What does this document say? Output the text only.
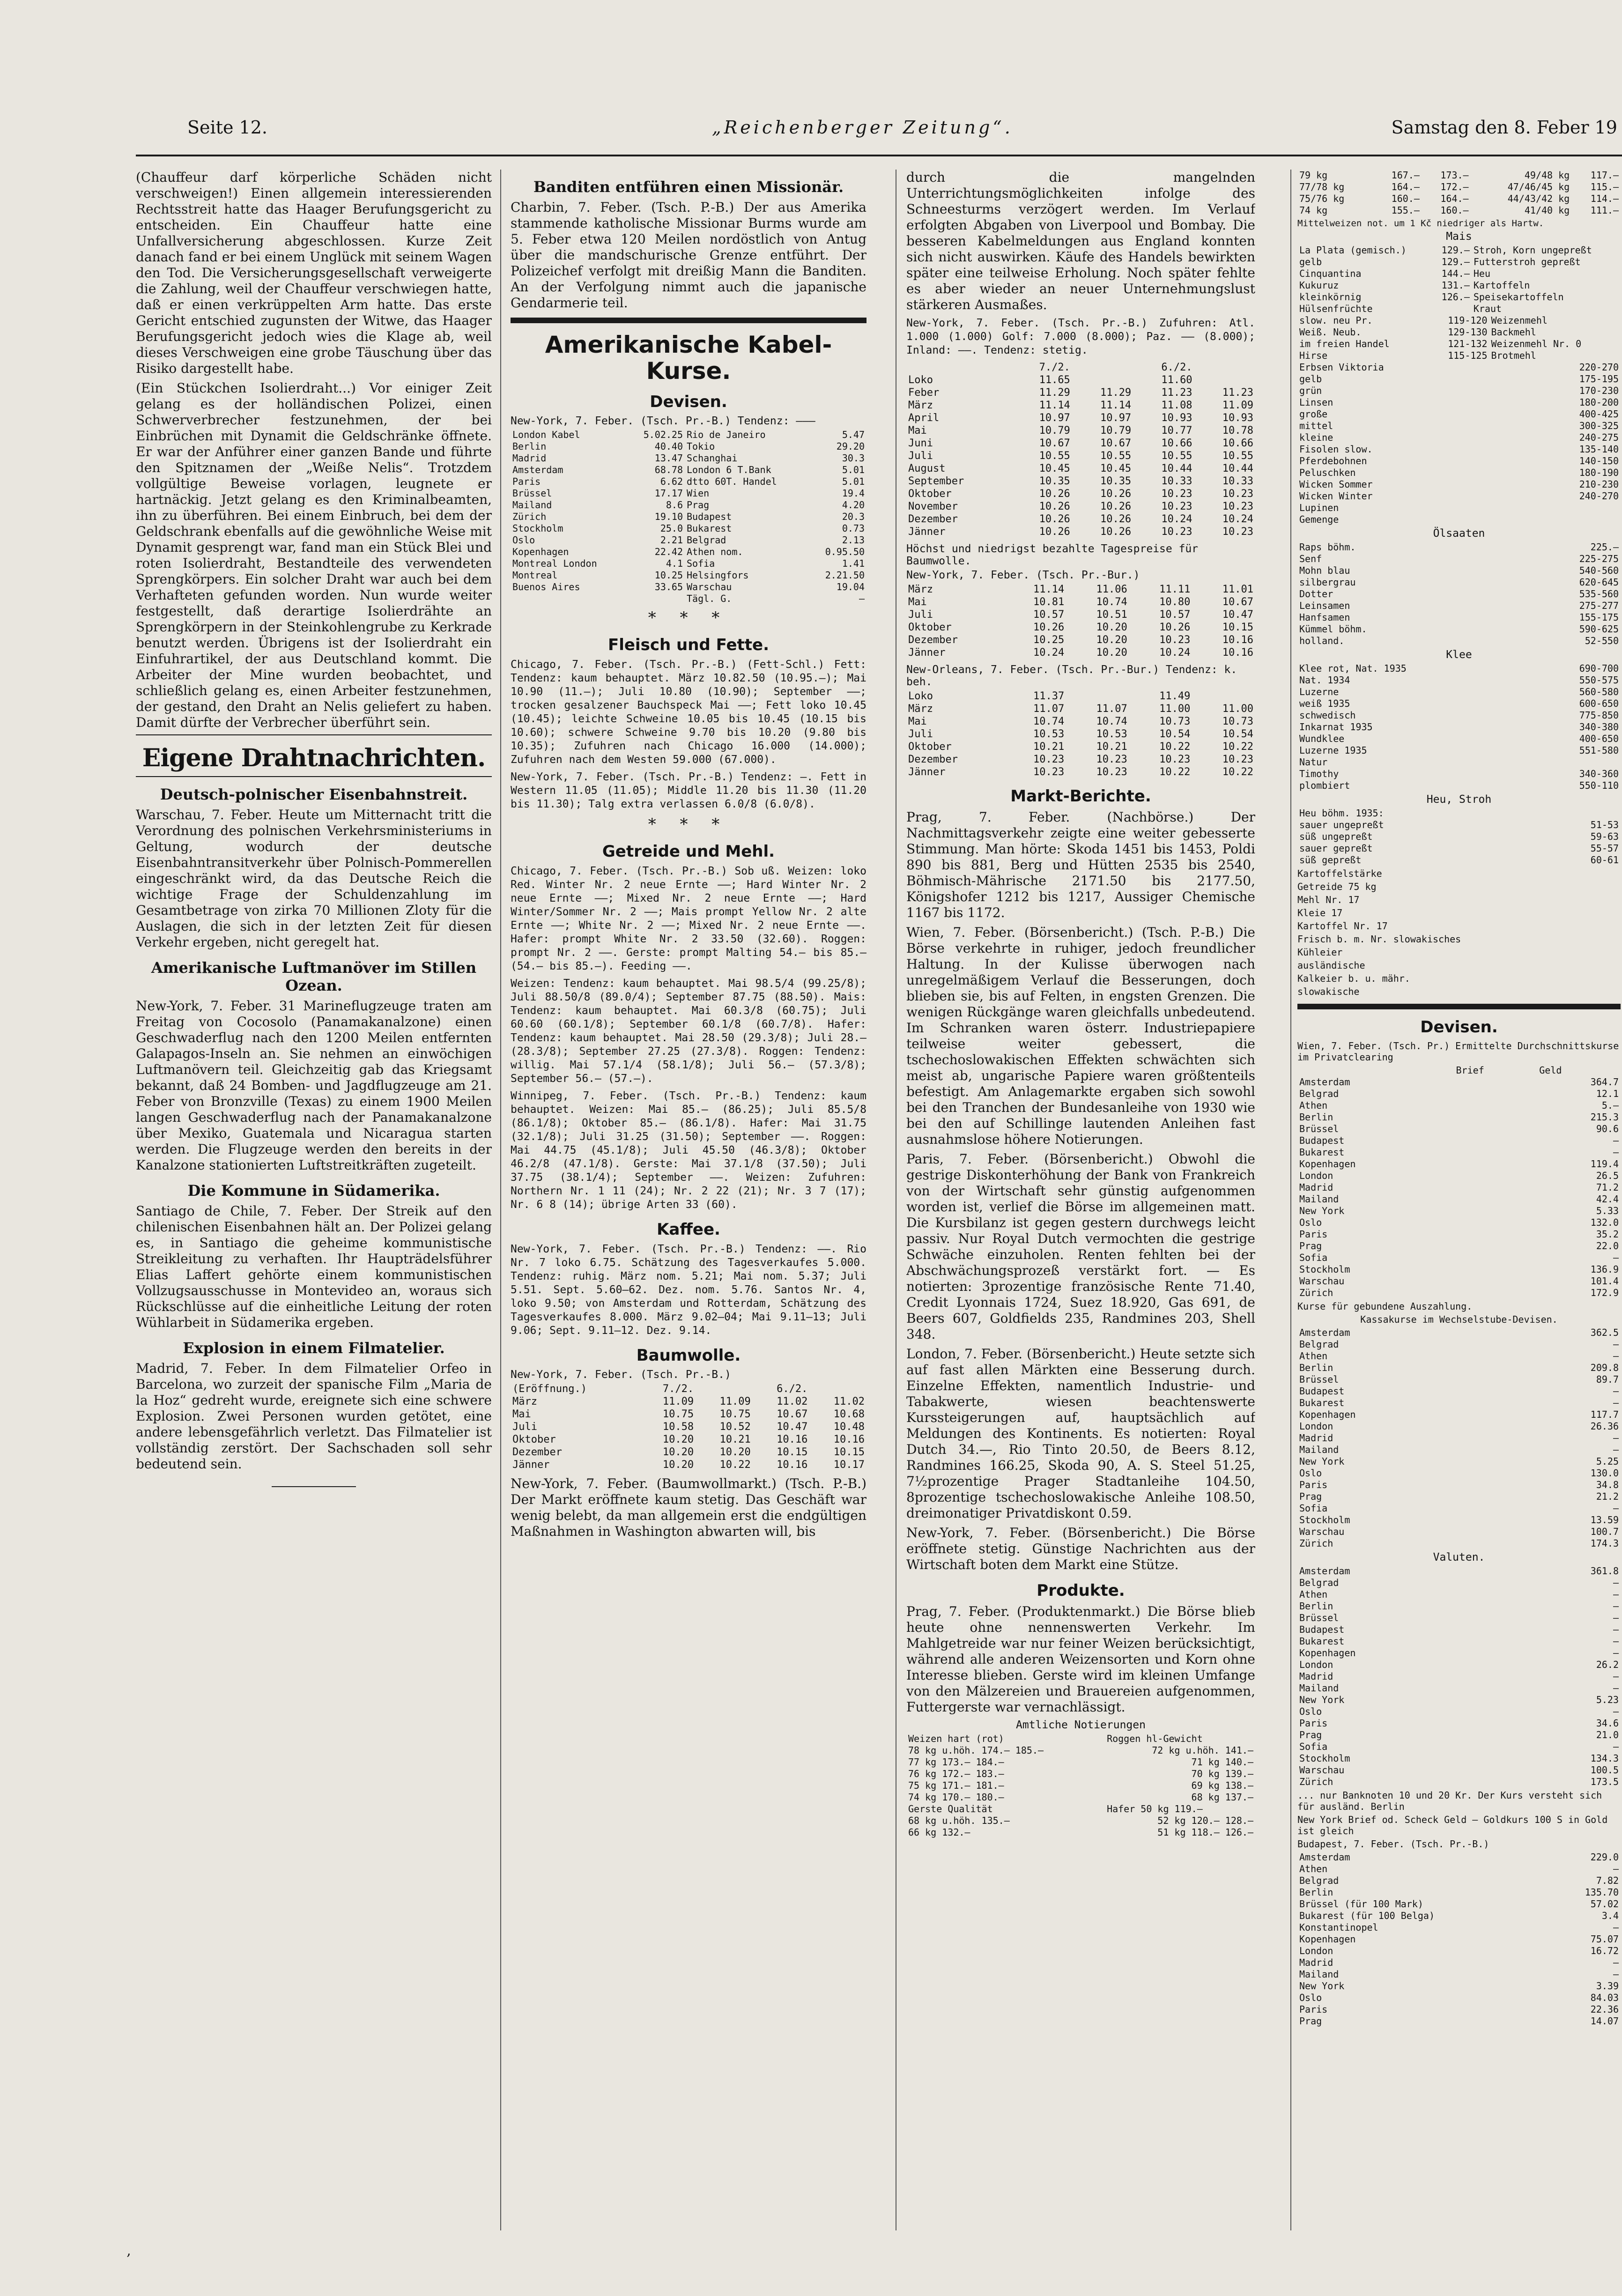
Seite 12.	„Reichenberger Zeitung“.	Samstag den 8. Feber 19

(Chauffeur darf körperliche Schäden nicht verschweigen!) Einen allgemein interessierenden Rechtsstreit hatte das Haager Berufungsgericht zu entscheiden. Ein Chauffeur hatte eine Unfallversicherung abgeschlossen. Kurze Zeit danach fand er bei einem Unglück mit seinem Wagen den Tod. Die Versicherungsgesellschaft verweigerte die Zahlung, weil der Chauffeur verschwiegen hatte, daß er einen verkrüppelten Arm hatte. Das erste Gericht entschied zugunsten der Witwe, das Haager Berufungsgericht jedoch wies die Klage ab, weil dieses Verschweigen eine grobe Täuschung über das Risiko dargestellt habe.

(Ein Stückchen Isolierdraht...) Vor einiger Zeit gelang es der holländischen Polizei, einen Schwerverbrecher festzunehmen, der bei Einbrüchen mit Dynamit die Geldschränke öffnete. Er war der Anführer einer ganzen Bande und führte den Spitznamen der „Weiße Nelis“. Trotzdem vollgültige Beweise vorlagen, leugnete er hartnäckig. Jetzt gelang es den Kriminalbeamten, ihn zu überführen. Bei einem Einbruch, bei dem der Geldschrank ebenfalls auf die gewöhnliche Weise mit Dynamit gesprengt war, fand man ein Stück Blei und roten Isolierdraht, Bestandteile des verwendeten Sprengkörpers. Ein solcher Draht war auch bei dem Verhafteten gefunden worden. Nun wurde weiter festgestellt, daß derartige Isolierdrähte an Sprengkörpern in der Steinkohlengrube zu Kerkrade benutzt werden. Übrigens ist der Isolierdraht ein Einfuhrartikel, der aus Deutschland kommt. Die Arbeiter der Mine wurden beobachtet, und schließlich gelang es, einen Arbeiter festzunehmen, der gestand, den Draht an Nelis geliefert zu haben. Damit dürfte der Verbrecher überführt sein.

Eigene Drahtnachrichten.
Deutsch-polnischer Eisenbahnstreit.

Warschau, 7. Feber. Heute um Mitternacht tritt die Verordnung des polnischen Verkehrsministeriums in Geltung, wodurch der deutsche Eisenbahntransitverkehr über Polnisch-Pommerellen eingeschränkt wird, da das Deutsche Reich die wichtige Frage der Schuldenzahlung im Gesamtbetrage von zirka 70 Millionen Zloty für die Auslagen, die sich in der letzten Zeit für diesen Verkehr ergeben, nicht geregelt hat.

Amerikanische Luftmanöver im Stillen Ozean.

New-York, 7. Feber. 31 Marineflugzeuge traten am Freitag von Cocosolo (Panamakanalzone) einen Geschwaderflug nach den 1200 Meilen entfernten Galapagos-Inseln an. Sie nehmen an einwöchigen Luftmanövern teil. Gleichzeitig gab das Kriegsamt bekannt, daß 24 Bomben- und Jagdflugzeuge am 21. Feber von Bronzville (Texas) zu einem 1900 Meilen langen Geschwaderflug nach der Panamakanalzone über Mexiko, Guatemala und Nicaragua starten werden. Die Flugzeuge werden den bereits in der Kanalzone stationierten Luftstreitkräften zugeteilt.

Die Kommune in Südamerika.

Santiago de Chile, 7. Feber. Der Streik auf den chilenischen Eisenbahnen hält an. Der Polizei gelang es, in Santiago die geheime kommunistische Streikleitung zu verhaften. Ihr Haupträdelsführer Elias Laffert gehörte einem kommunistischen Vollzugsausschusse in Montevideo an, woraus sich Rückschlüsse auf die einheitliche Leitung der roten Wühlarbeit in Südamerika ergeben.

Explosion in einem Filmatelier.

Madrid, 7. Feber. In dem Filmatelier Orfeo in Barcelona, wo zurzeit der spanische Film „Maria de la Hoz“ gedreht wurde, ereignete sich eine schwere Explosion. Zwei Personen wurden getötet, eine andere lebensgefährlich verletzt. Das Filmatelier ist vollständig zerstört. Der Sachschaden soll sehr bedeutend sein.

Banditen entführen einen Missionär.

Charbin, 7. Feber. (Tsch. P.-B.) Der aus Amerika stammende katholische Missionar Burms wurde am 5. Feber etwa 120 Meilen nordöstlich von Antug über die mandschurische Grenze entführt. Der Polizeichef verfolgt mit dreißig Mann die Banditen. An der Verfolgung nimmt auch die japanische Gendarmerie teil.

Amerikanische Kabel-Kurse.
Devisen.
New-York, 7. Feber. (Tsch. Pr.-B.) Tendenz: ———
London Kabel	5.02.25	Rio de Janeiro	5.47
Berlin	40.40	Tokio	29.20
Madrid	13.47	Schanghai	30.3
Amsterdam	68.78	London 6 T.Bank	5.01
Paris	6.62	dtto 60T. Handel	5.01
Brüssel	17.17	Wien	19.4
Mailand	8.6	Prag	4.20
Zürich	19.10	Budapest	20.3
Stockholm	25.0	Bukarest	0.73
Oslo	2.21	Belgrad	2.13
Kopenhagen	22.42	Athen nom.	0.95.50
Montreal London	4.1	Sofia	1.41
Montreal	10.25	Helsingfors	2.21.50
Buenos Aires	33.65	Warschau	19.04
		Tägl. G.	—
* * *
Fleisch und Fette.

Chicago, 7. Feber. (Tsch. Pr.-B.) (Fett-Schl.) Fett: Tendenz: kaum behauptet. März 10.82.50 (10.95.—); Mai 10.90 (11.—); Juli 10.80 (10.90); September ——; trocken gesalzener Bauchspeck Mai ——; Fett loko 10.45 (10.45); leichte Schweine 10.05 bis 10.45 (10.15 bis 10.60); schwere Schweine 9.70 bis 10.20 (9.80 bis 10.35); Zufuhren nach Chicago 16.000 (14.000); Zufuhren nach dem Westen 59.000 (67.000).

New-York, 7. Feber. (Tsch. Pr.-B.) Tendenz: —. Fett in Western 11.05 (11.05); Middle 11.20 bis 11.30 (11.20 bis 11.30); Talg extra verlassen 6.0/8 (6.0/8).

* * *
Getreide und Mehl.

Chicago, 7. Feber. (Tsch. Pr.-B.) Sob uß. Weizen: loko Red. Winter Nr. 2 neue Ernte ——; Hard Winter Nr. 2 neue Ernte ——; Mixed Nr. 2 neue Ernte ——; Hard Winter/Sommer Nr. 2 ——; Mais prompt Yellow Nr. 2 alte Ernte ——; White Nr. 2 ——; Mixed Nr. 2 neue Ernte ——. Hafer: prompt White Nr. 2 33.50 (32.60). Roggen: prompt Nr. 2 ——. Gerste: prompt Malting 54.— bis 85.— (54.— bis 85.—). Feeding ——.

Weizen: Tendenz: kaum behauptet. Mai 98.5/4 (99.25/8); Juli 88.50/8 (89.0/4); September 87.75 (88.50). Mais: Tendenz: kaum behauptet. Mai 60.3/8 (60.75); Juli 60.60 (60.1/8); September 60.1/8 (60.7/8). Hafer: Tendenz: kaum behauptet. Mai 28.50 (29.3/8); Juli 28.— (28.3/8); September 27.25 (27.3/8). Roggen: Tendenz: willig. Mai 57.1/4 (58.1/8); Juli 56.— (57.3/8); September 56.— (57.—).

Winnipeg, 7. Feber. (Tsch. Pr.-B.) Tendenz: kaum behauptet. Weizen: Mai 85.— (86.25); Juli 85.5/8 (86.1/8); Oktober 85.— (86.1/8). Hafer: Mai 31.75 (32.1/8); Juli 31.25 (31.50); September ——. Roggen: Mai 44.75 (45.1/8); Juli 45.50 (46.3/8); Oktober 46.2/8 (47.1/8). Gerste: Mai 37.1/8 (37.50); Juli 37.75 (38.1/4); September ——. Weizen: Zufuhren: Northern Nr. 1 11 (24); Nr. 2 22 (21); Nr. 3 7 (17); Nr. 6 8 (14); übrige Arten 33 (60).

Kaffee.

New-York, 7. Feber. (Tsch. Pr.-B.) Tendenz: ——. Rio Nr. 7 loko 6.75. Schätzung des Tagesverkaufes 5.000. Tendenz: ruhig. März nom. 5.21; Mai nom. 5.37; Juli 5.51. Sept. 5.60—62. Dez. nom. 5.76. Santos Nr. 4, loko 9.50; von Amsterdam und Rotterdam, Schätzung des Tagesverkaufes 8.000. März 9.02—04; Mai 9.11—13; Juli 9.06; Sept. 9.11—12. Dez. 9.14.

Baumwolle.
New-York, 7. Feber. (Tsch. Pr.-B.)
(Eröffnung.)	7./2.		6./2.	
März	11.09	11.09	11.02	11.02
Mai	10.75	10.75	10.67	10.68
Juli	10.58	10.52	10.47	10.48
Oktober	10.20	10.21	10.16	10.16
Dezember	10.20	10.20	10.15	10.15
Jänner	10.20	10.22	10.16	10.17

New-York, 7. Feber. (Baumwollmarkt.) (Tsch. P.-B.) Der Markt eröffnete kaum stetig. Das Geschäft war wenig belebt, da man allgemein erst die endgültigen Maßnahmen in Washington abwarten will, bis

durch die mangelnden Unterrichtungsmöglichkeiten infolge des Schneesturms verzögert werden. Im Verlauf erfolgten Abgaben von Liverpool und Bombay. Die besseren Kabelmeldungen aus England konnten sich nicht auswirken. Käufe des Handels bewirkten später eine teilweise Erholung. Noch später fehlte es aber wieder an neuer Unternehmungslust stärkeren Ausmaßes.

New-York, 7. Feber. (Tsch. Pr.-B.) Zufuhren: Atl. 1.000 (1.000) Golf: 7.000 (8.000); Paz. —— (8.000); Inland: ——. Tendenz: stetig.

	7./2.		6./2.	
Loko	11.65		11.60	
Feber	11.29	11.29	11.23	11.23
März	11.14	11.14	11.08	11.09
April	10.97	10.97	10.93	10.93
Mai	10.79	10.79	10.77	10.78
Juni	10.67	10.67	10.66	10.66
Juli	10.55	10.55	10.55	10.55
August	10.45	10.45	10.44	10.44
September	10.35	10.35	10.33	10.33
Oktober	10.26	10.26	10.23	10.23
November	10.26	10.26	10.23	10.23
Dezember	10.26	10.26	10.24	10.24
Jänner	10.26	10.26	10.23	10.23
Höchst und niedrigst bezahlte Tagespreise für Baumwolle.
New-York, 7. Feber. (Tsch. Pr.-Bur.)
März	11.14	11.06	11.11	11.01
Mai	10.81	10.74	10.80	10.67
Juli	10.57	10.51	10.57	10.47
Oktober	10.26	10.20	10.26	10.15
Dezember	10.25	10.20	10.23	10.16
Jänner	10.24	10.20	10.24	10.16
New-Orleans, 7. Feber. (Tsch. Pr.-Bur.) Tendenz: k. beh.
Loko	11.37		11.49	
März	11.07	11.07	11.00	11.00
Mai	10.74	10.74	10.73	10.73
Juli	10.53	10.53	10.54	10.54
Oktober	10.21	10.21	10.22	10.22
Dezember	10.23	10.23	10.23	10.23
Jänner	10.23	10.23	10.22	10.22
Markt-Berichte.

Prag, 7. Feber. (Nachbörse.) Der Nachmittagsverkehr zeigte eine weiter gebesserte Stimmung. Man hörte: Skoda 1451 bis 1453, Poldi 890 bis 881, Berg und Hütten 2535 bis 2540, Böhmisch-Mährische 2171.50 bis 2177.50, Königshofer 1212 bis 1217, Aussiger Chemische 1167 bis 1172.

Wien, 7. Feber. (Börsenbericht.) (Tsch. P.-B.) Die Börse verkehrte in ruhiger, jedoch freundlicher Haltung. In der Kulisse überwogen nach unregelmäßigem Verlauf die Besserungen, doch blieben sie, bis auf Felten, in engsten Grenzen. Die wenigen Rückgänge waren gleichfalls unbedeutend. Im Schranken waren österr. Industriepapiere teilweise weiter gebessert, die tschechoslowakischen Effekten schwächten sich meist ab, ungarische Papiere waren größtenteils befestigt. Am Anlagemarkte ergaben sich sowohl bei den Tranchen der Bundesanleihe von 1930 wie bei den auf Schillinge lautenden Anleihen fast ausnahmslose höhere Notierungen.

Paris, 7. Feber. (Börsenbericht.) Obwohl die gestrige Diskonterhöhung der Bank von Frankreich von der Wirtschaft sehr günstig aufgenommen worden ist, verlief die Börse im allgemeinen matt. Die Kursbilanz ist gegen gestern durchwegs leicht passiv. Nur Royal Dutch vermochten die gestrige Schwäche einzuholen. Renten fehlten bei der Abschwächungsprozeß verstärkt fort. — Es notierten: 3prozentige französische Rente 71.40, Credit Lyonnais 1724, Suez 18.920, Gas 691, de Beers 607, Goldfields 235, Randmines 203, Shell 348.

London, 7. Feber. (Börsenbericht.) Heute setzte sich auf fast allen Märkten eine Besserung durch. Einzelne Effekten, namentlich Industrie- und Tabakwerte, wiesen beachtenswerte Kurssteigerungen auf, hauptsächlich auf Meldungen des Kontinents. Es notierten: Royal Dutch 34.—, Rio Tinto 20.50, de Beers 8.12, Randmines 166.25, Skoda 90, A. S. Steel 51.25, 7½prozentige Prager Stadtanleihe 104.50, 8prozentige tschechoslowakische Anleihe 108.50, dreimonatiger Privatdiskont 0.59.

New-York, 7. Feber. (Börsenbericht.) Die Börse eröffnete stetig. Günstige Nachrichten aus der Wirtschaft boten dem Markt eine Stütze.

Produkte.

Prag, 7. Feber. (Produktenmarkt.) Die Börse blieb heute ohne nennenswerten Verkehr. Im Mahlgetreide war nur feiner Weizen berücksichtigt, während alle anderen Weizensorten und Korn ohne Interesse blieben. Gerste wird im kleinen Umfange von den Mälzereien und Brauereien aufgenommen, Futtergerste war vernachlässigt.

Amtliche Notierungen
Weizen hart (rot)	Roggen hl-Gewicht
78 kg u.höh. 174.— 185.—	72 kg u.höh. 141.—
77 kg 173.— 184.—	71 kg 140.—
76 kg 172.— 183.—	70 kg 139.—
75 kg 171.— 181.—	69 kg 138.—
74 kg 170.— 180.—	68 kg 137.—
Gerste Qualität	Hafer 50 kg 119.—
68 kg u.höh. 135.—	52 kg 120.— 128.—
66 kg 132.—	51 kg 118.— 126.—
79 kg	167.—	173.—	49/48 kg	117.—
77/78 kg	164.—	172.—	47/46/45 kg	115.—
75/76 kg	160.—	164.—	44/43/42 kg	114.—
74 kg	155.—	160.—	41/40 kg	111.—
Mittelweizen not. um 1 Kč niedriger als Hartw.
Mais
La Plata (gemisch.)	129.—	Stroh, Korn ungepreßt
gelb	129.—	Futterstroh gepreßt
Cinquantina	144.—	Heu
Kukuruz	131.—	Kartoffeln
kleinkörnig	126.—	Speisekartoffeln
Hülsenfrüchte		Kraut
slow. neu Pr.	119-120	Weizenmehl
Weiß. Neub.	129-130	Backmehl
im freien Handel	121-132	Weizenmehl Nr. 0
Hirse	115-125	Brotmehl
Erbsen Viktoria	220-270
gelb	175-195
grün	170-230
Linsen	180-200
große	400-425
mittel	300-325
kleine	240-275
Fisolen slow.	135-140
Pferdebohnen	140-150
Peluschken	180-190
Wicken Sommer	210-230
Wicken Winter	240-270
Lupinen	
Gemenge	
Ölsaaten
Raps böhm.	225.—
Senf	225-275
Mohn blau	540-560
silbergrau	620-645
Dotter	535-560
Leinsamen	275-277
Hanfsamen	155-175
Kümmel böhm.	590-625
holland.	52-550
Klee
Klee rot, Nat. 1935	690-700
Nat. 1934	550-575
Luzerne	560-580
weiß 1935	600-650
schwedisch	775-850
Inkarnat 1935	340-380
Wundklee	400-650
Luzerne 1935	551-580
Natur	
Timothy	340-360
plombiert	550-110
Heu, Stroh
Heu böhm. 1935:	
sauer ungepreßt	51-53
süß ungepreßt	59-63
sauer gepreßt	55-57
süß gepreßt	60-61
Kartoffelstärke
Getreide 75 kg
Mehl Nr. 17
Kleie 17
Kartoffel Nr. 17
Frisch b. m. Nr. slowakisches
Kühleier
ausländische
Kalkeier b. u. mähr.
slowakische
Devisen.
Wien, 7. Feber. (Tsch. Pr.) Ermittelte Durchschnittskurse im Privatclearing
	Brief	Geld
Amsterdam		364.7
Belgrad		12.1
Athen		5.—
Berlin		215.3
Brüssel		90.6
Budapest		—
Bukarest		—
Kopenhagen		119.4
London		26.5
Madrid		71.2
Mailand		42.4
New York		5.33
Oslo		132.0
Paris		35.2
Prag		22.0
Sofia		—
Stockholm		136.9
Warschau		101.4
Zürich		172.9
Kurse für gebundene Auszahlung.
Kassakurse im Wechselstube-Devisen.
Amsterdam		362.5
Belgrad		—
Athen		—
Berlin		209.8
Brüssel		89.7
Budapest		—
Bukarest		—
Kopenhagen		117.7
London		26.36
Madrid		—
Mailand		—
New York		5.25
Oslo		130.0
Paris		34.8
Prag		21.2
Sofia		—
Stockholm		13.59
Warschau		100.7
Zürich		174.3
Valuten.
Amsterdam		361.8
Belgrad		—
Athen		—
Berlin		—
Brüssel		—
Budapest		—
Bukarest		—
Kopenhagen		—
London		26.2
Madrid		—
Mailand		—
New York		5.23
Oslo		—
Paris		34.6
Prag		21.0
Sofia		—
Stockholm		134.3
Warschau		100.5
Zürich		173.5
... nur Banknoten 10 und 20 Kr. Der Kurs versteht sich für ausländ. Berlin
New York Brief od. Scheck Geld — Goldkurs 100 S in Gold ist gleich
Budapest, 7. Feber. (Tsch. Pr.-B.)
Amsterdam		229.0
Athen		—
Belgrad		7.82
Berlin		135.70
Brüssel (für 100 Mark)		57.02
Bukarest (für 100 Belga)		3.4
Konstantinopel		—
Kopenhagen		75.07
London		16.72
Madrid		—
Mailand		—
New York		3.39
Oslo		84.03
Paris		22.36
Prag		14.07
‚
